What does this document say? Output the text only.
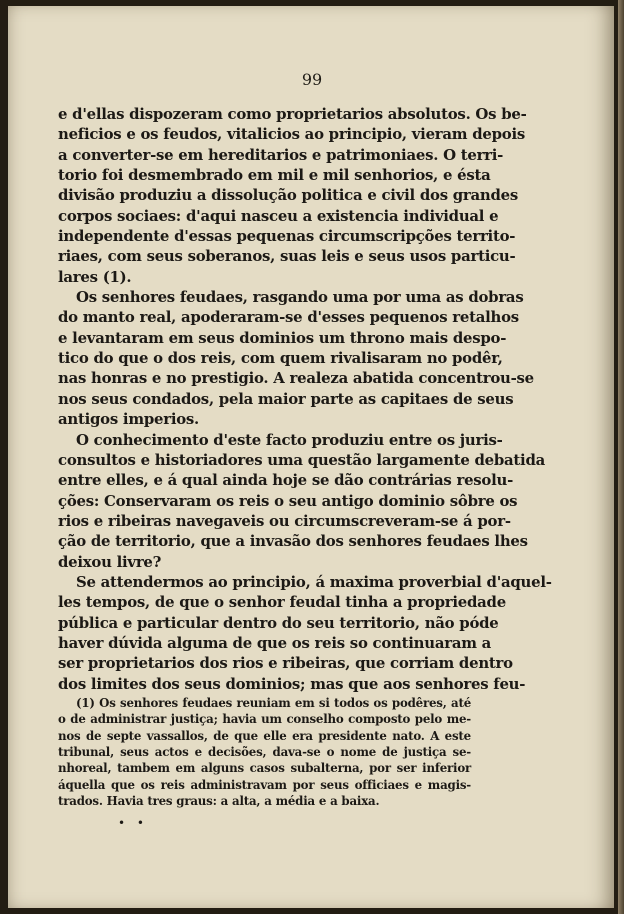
99
e d'ellas dispozeram como proprietarios absolutos. Os be-
neficios e os feudos, vitalicios ao principio, vieram depois
a converter-se em hereditarios e patrimoniaes. O terri-
torio foi desmembrado em mil e mil senhorios, e ésta
divisão produziu a dissolução politica e civil dos grandes
corpos sociaes: d'aqui nasceu a existencia individual e
independente d'essas pequenas circumscripções territo-
riaes, com seus soberanos, suas leis e seus usos particu-
lares (1).
Os senhores feudaes, rasgando uma por uma as dobras
do manto real, apoderaram-se d'esses pequenos retalhos
e levantaram em seus dominios um throno mais despo-
tico do que o dos reis, com quem rivalisaram no podêr,
nas honras e no prestigio. A realeza abatida concentrou-se
nos seus condados, pela maior parte as capitaes de seus
antigos imperios.
O conhecimento d'este facto produziu entre os juris-
consultos e historiadores uma questão largamente debatida
entre elles, e á qual ainda hoje se dão contrárias resolu-
ções: Conservaram os reis o seu antigo dominio sôbre os
rios e ribeiras navegaveis ou circumscreveram-se á por-
ção de territorio, que a invasão dos senhores feudaes lhes
deixou livre?
Se attendermos ao principio, á maxima proverbial d'aquel-
les tempos, de que o senhor feudal tinha a propriedade
pública e particular dentro do seu territorio, não póde
haver dúvida alguma de que os reis so continuaram a
ser proprietarios dos rios e ribeiras, que corriam dentro
dos limites dos seus dominios; mas que aos senhores feu-
(1) Os senhores feudaes reuniam em si todos os podêres, até
o de administrar justiça; havia um conselho composto pelo me-
nos de septe vassallos, de que elle era presidente nato. A este
tribunal, seus actos e decisões, dava-se o nome de justiça se-
nhoreal, tambem em alguns casos subalterna, por ser inferior
áquella que os reis administravam por seus officiaes e magis-
trados. Havia tres graus: a alta, a média e a baixa.
• •
